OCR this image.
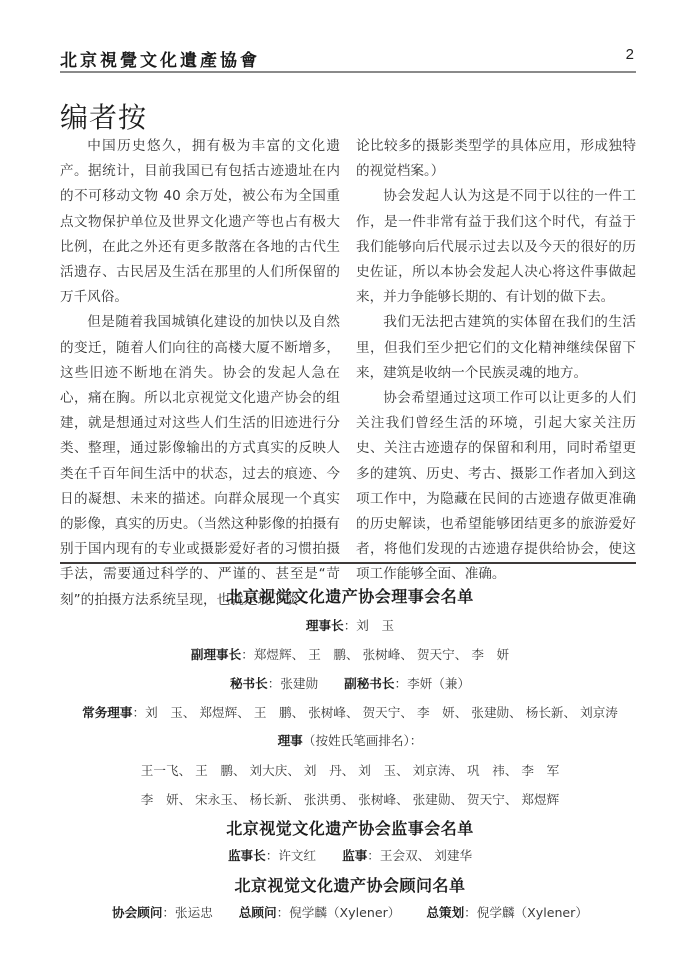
北京視覺文化遺產協會	2
编者按

中国历史悠久，拥有极为丰富的文化遗产。据统计，目前我国已有包括古迹遗址在内的不可移动文物 40 余万处，被公布为全国重点文物保护单位及世界文化遗产等也占有极大比例，在此之外还有更多散落在各地的古代生活遗存、古民居及生活在那里的人们所保留的万千风俗。

但是随着我国城镇化建设的加快以及自然的变迁，随着人们向往的高楼大厦不断增多，这些旧迹不断地在消失。协会的发起人急在心，痛在胸。所以北京视觉文化遗产协会的组建，就是想通过对这些人们生活的旧迹进行分类、整理，通过影像输出的方式真实的反映人类在千百年间生活中的状态，过去的痕迹、今日的凝想、未来的描述。向群众展现一个真实的影像，真实的历史。（当然这种影像的拍摄有别于国内现有的专业或摄影爱好者的习惯拍摄手法，需要通过科学的、严谨的、甚至是“苛刻”的拍摄方法系统呈现，也就是现下谈

论比较多的摄影类型学的具体应用，形成独特的视觉档案。）

协会发起人认为这是不同于以往的一件工作，是一件非常有益于我们这个时代，有益于我们能够向后代展示过去以及今天的很好的历史佐证，所以本协会发起人决心将这件事做起来，并力争能够长期的、有计划的做下去。

我们无法把古建筑的实体留在我们的生活里，但我们至少把它们的文化精神继续保留下来，建筑是收纳一个民族灵魂的地方。

协会希望通过这项工作可以让更多的人们关注我们曾经生活的环境，引起大家关注历史、关注古迹遗存的保留和利用，同时希望更多的建筑、历史、考古、摄影工作者加入到这项工作中，为隐藏在民间的古迹遗存做更准确的历史解读，也希望能够团结更多的旅游爱好者，将他们发现的古迹遗存提供给协会，使这项工作能够全面、准确。

北京视觉文化遗产协会理事会名单
理事长：刘　玉
副理事长：郑煜辉、 王　鹏、 张树峰、 贺天宁、 李　妍
秘书长：张建勋 副秘书长：李妍（兼）
常务理事：刘　玉、 郑煜辉、 王　鹏、 张树峰、 贺天宁、 李　妍、 张建勋、 杨长新、 刘京涛
理事（按姓氏笔画排名）：
王一飞、 王　鹏、 刘大庆、 刘　丹、 刘　玉、 刘京涛、 巩　祎、 李　军
李　妍、 宋永玉、 杨长新、 张洪勇、 张树峰、 张建勋、 贺天宁、 郑煜辉
北京视觉文化遗产协会监事会名单
监事长：许文红 监事：王会双、 刘建华
北京视觉文化遗产协会顾问名单
协会顾问：张运忠 总顾问：倪学麟（Xylener） 总策划：倪学麟（Xylener）
